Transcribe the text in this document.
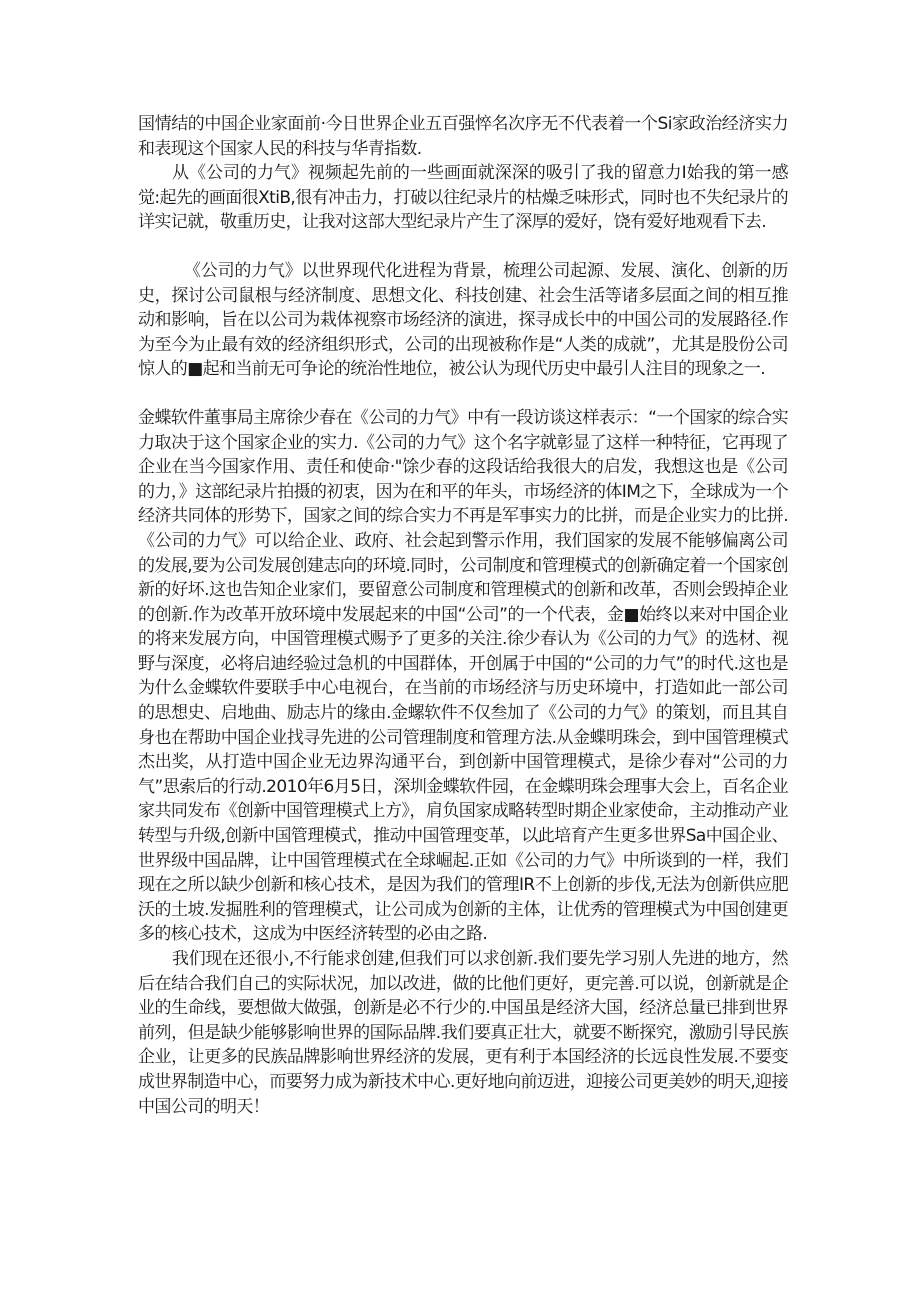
国情结的中国企业家面前·今日世界企业五百强悴名次序无不代表着一个Si家政治经济实力和表现这个国家人民的科技与华青指数.

从《公司的力气》视频起先前的一些画面就深深的吸引了我的留意力I始我的第一感觉:起先的画面很XtiB,很有冲击力，打破以往纪录片的枯燥乏味形式，同时也不失纪录片的详实记就，敬重历史，让我对这部大型纪录片产生了深厚的爱好，饶有爱好地观看下去.

《公司的力气》以世界现代化进程为背景，梳理公司起源、发展、演化、创新的历史，探讨公司鼠根与经济制度、思想文化、科技创建、社会生活等诸多层面之间的相互推动和影响，旨在以公司为栽体视察市场经济的演进，探寻成长中的中国公司的发展路径.作为至今为止最有效的经济组织形式，公司的出现被称作是“人类的成就”，尤其是股份公司惊人的■起和当前无可争论的统治性地位，被公认为现代历史中最引人注目的现象之一.

金蝶软件董事局主席徐少春在《公司的力气》中有一段访谈这样表示：“一个国家的综合实力取决于这个国家企业的实力.《公司的力气》这个名字就彰显了这样一种特征，它再现了企业在当今国家作用、责任和使命·"馀少春的这段话给我很大的启发，我想这也是《公司的力，》这部纪录片拍摄的初衷，因为在和平的年头，市场经济的体IM之下，全球成为一个经济共同体的形势下，国家之间的综合实力不再是军事实力的比拼，而是企业实力的比拼.《公司的力气》可以给企业、政府、社会起到警示作用，我们国家的发展不能够偏离公司的发展,要为公司发展创建志向的环境.同时，公司制度和管理模式的创新确定着一个国家创新的好坏.这也告知企业家们，要留意公司制度和管理模式的创新和改革，否则会毁掉企业的创新.作为改革开放环境中发展起来的中国“公司”的一个代表，金■始终以来对中国企业的将来发展方向，中国管理模式赐予了更多的关注.徐少春认为《公司的力气》的选材、视野与深度，必将启迪经验过急机的中国群体，开创属于中国的“公司的力气”的时代.这也是为什么金蝶软件要联手中心电视台，在当前的市场经济与历史环境中，打造如此一部公司的思想史、启地曲、励志片的缘由.金螺软件不仅叁加了《公司的力气》的策划，而且其自身也在帮助中国企业找寻先进的公司管理制度和管理方法.从金蝶明珠会，到中国管理模式杰出奖，从打造中国企业无边界沟通平台，到创新中国管理模式，是徐少春对“公司的力气”思索后的行动.2010年6月5日，深圳金蝶软件园，在金蝶明珠会理事大会上，百名企业家共同发布《创新中国管理模式上方》，肩负国家成略转型时期企业家使命，主动推动产业转型与升级,创新中国管理模式，推动中国管理变革，以此培育产生更多世界Sa中国企业、世界级中国品牌，让中国管理模式在全球崛起.正如《公司的力气》中所谈到的一样，我们现在之所以缺少创新和核心技术，是因为我们的管理IR不上创新的步伐,无法为创新供应肥沃的土坡.发掘胜利的管理模式，让公司成为创新的主体，让优秀的管理模式为中国创建更多的核心技术，这成为中医经济转型的必由之路.

我们现在还很小,不行能求创建,但我们可以求创新.我们要先学习别人先进的地方，然后在结合我们自己的实际状况，加以改进，做的比他们更好，更完善.可以说，创新就是企业的生命线，要想做大做强，创新是必不行少的.中国虽是经济大国，经济总量已排到世界前列，但是缺少能够影响世界的国际品牌.我们要真正壮大，就要不断探究，激励引导民族企业，让更多的民族品牌影响世界经济的发展，更有利于本国经济的长远良性发展.不要变成世界制造中心，而要努力成为新技术中心.更好地向前迈进，迎接公司更美妙的明天,迎接中国公司的明天！
